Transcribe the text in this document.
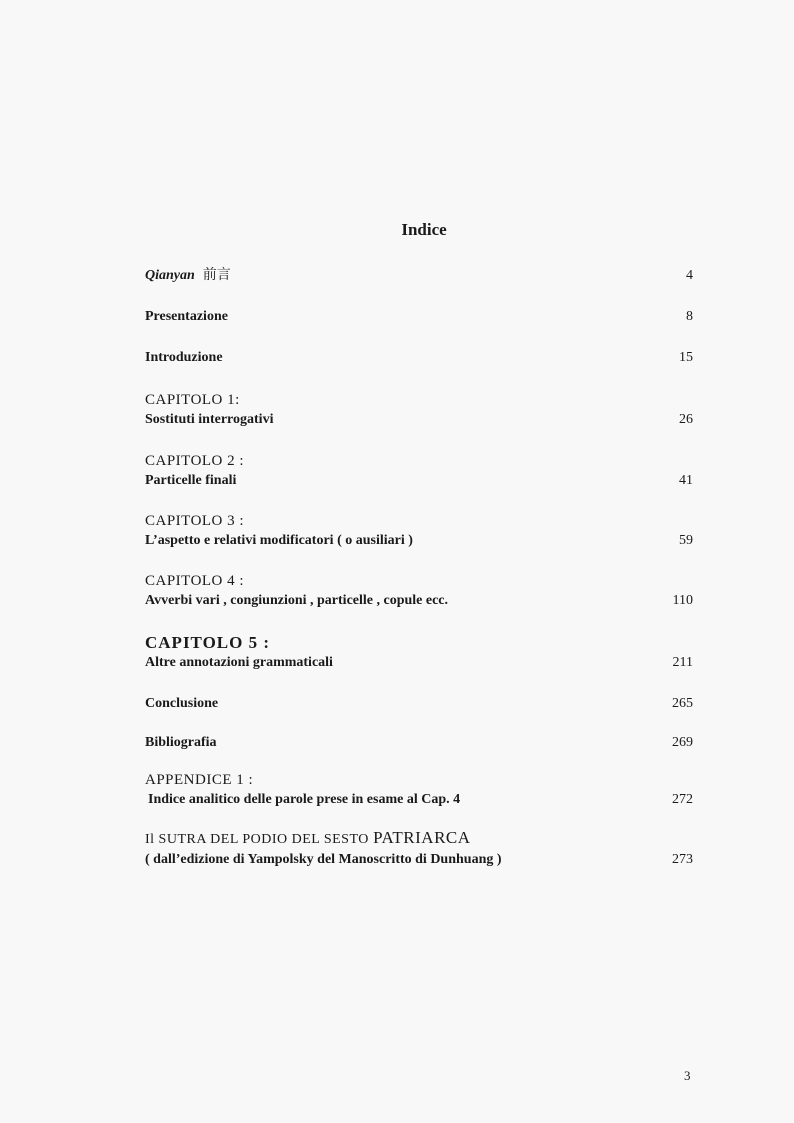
Indice
Qianyan 前言	4
Presentazione	8
Introduzione	15
CAPITOLO 1:
Sostituti interrogativi	26
CAPITOLO 2 :
Particelle finali	41
CAPITOLO 3 :
L’aspetto e relativi modificatori ( o ausiliari )	59
CAPITOLO 4 :
Avverbi vari , congiunzioni , particelle , copule ecc.	110
CAPITOLO 5 :
Altre annotazioni grammaticali	211
Conclusione	265
Bibliografia	269
APPENDICE 1 :
Indice analitico delle parole prese in esame al Cap. 4	272
Il SUTRA DEL PODIO DEL SESTO PATRIARCA
( dall’edizione di Yampolsky del Manoscritto di Dunhuang )	273
3
